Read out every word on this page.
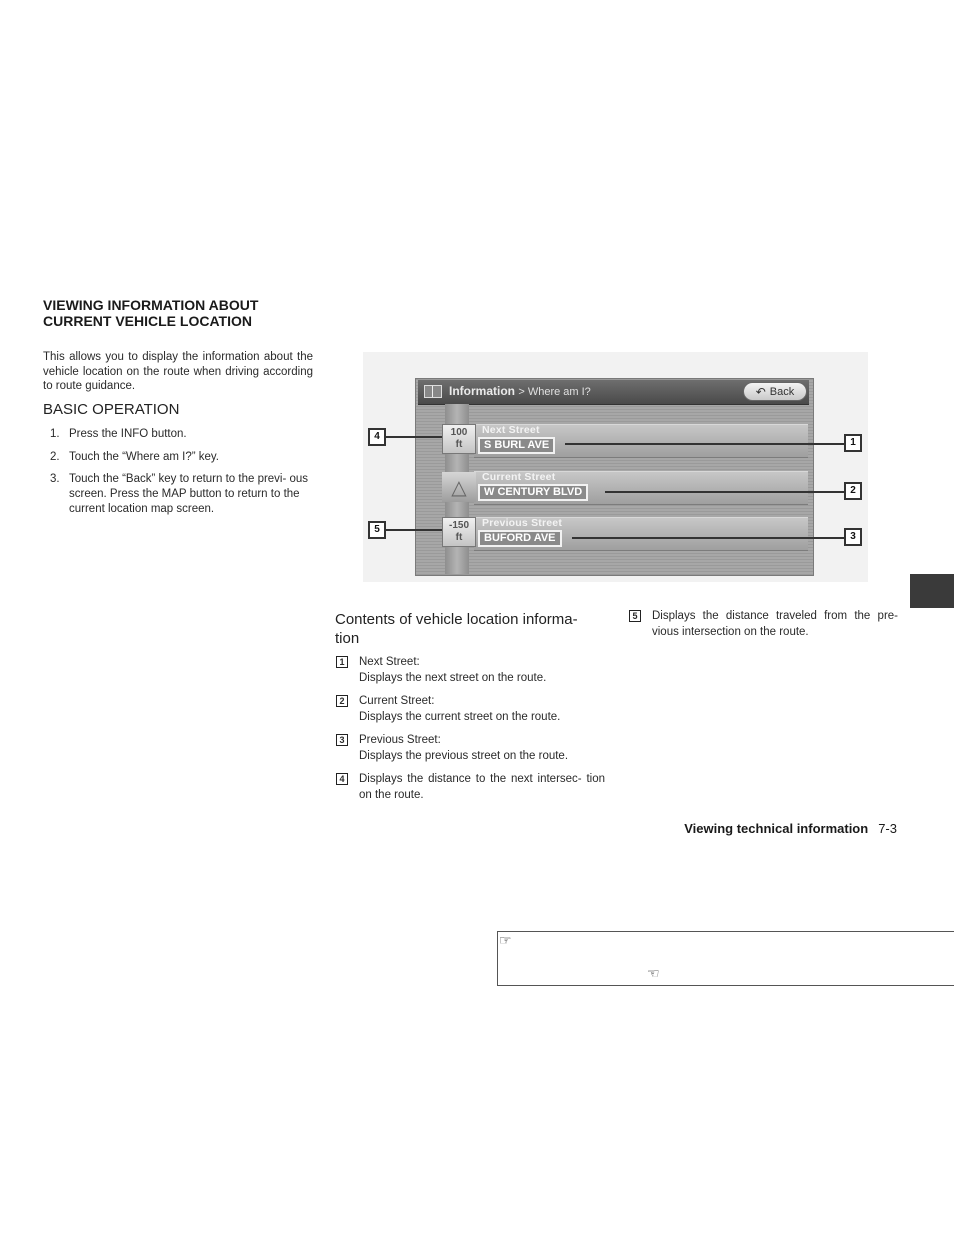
VIEWING INFORMATION ABOUT
CURRENT VEHICLE LOCATION
This allows you to display the information about the vehicle location on the route when driving according to route guidance.
BASIC OPERATION
1. Press the INFO button.
2. Touch the “Where am I?” key.
3. Touch the “Back” key to return to the previ- ous screen. Press the MAP button to return to the current location map screen.
Information > Where am I?	↶ Back
Next Street
S BURL AVE
100
ft
Current Street
W CENTURY BLVD
△
Previous Street
BUFORD AVE
-150
ft
4
5
1
2
3
Contents of vehicle location informa- tion
1	Next Street:
Displays the next street on the route.
2	Current Street:
Displays the current street on the route.
3	Previous Street:
Displays the previous street on the route.
4	Displays the distance to the next intersec- tion on the route.
5	Displays the distance traveled from the pre- vious intersection on the route.
Viewing technical information 7-3
☞
☜
